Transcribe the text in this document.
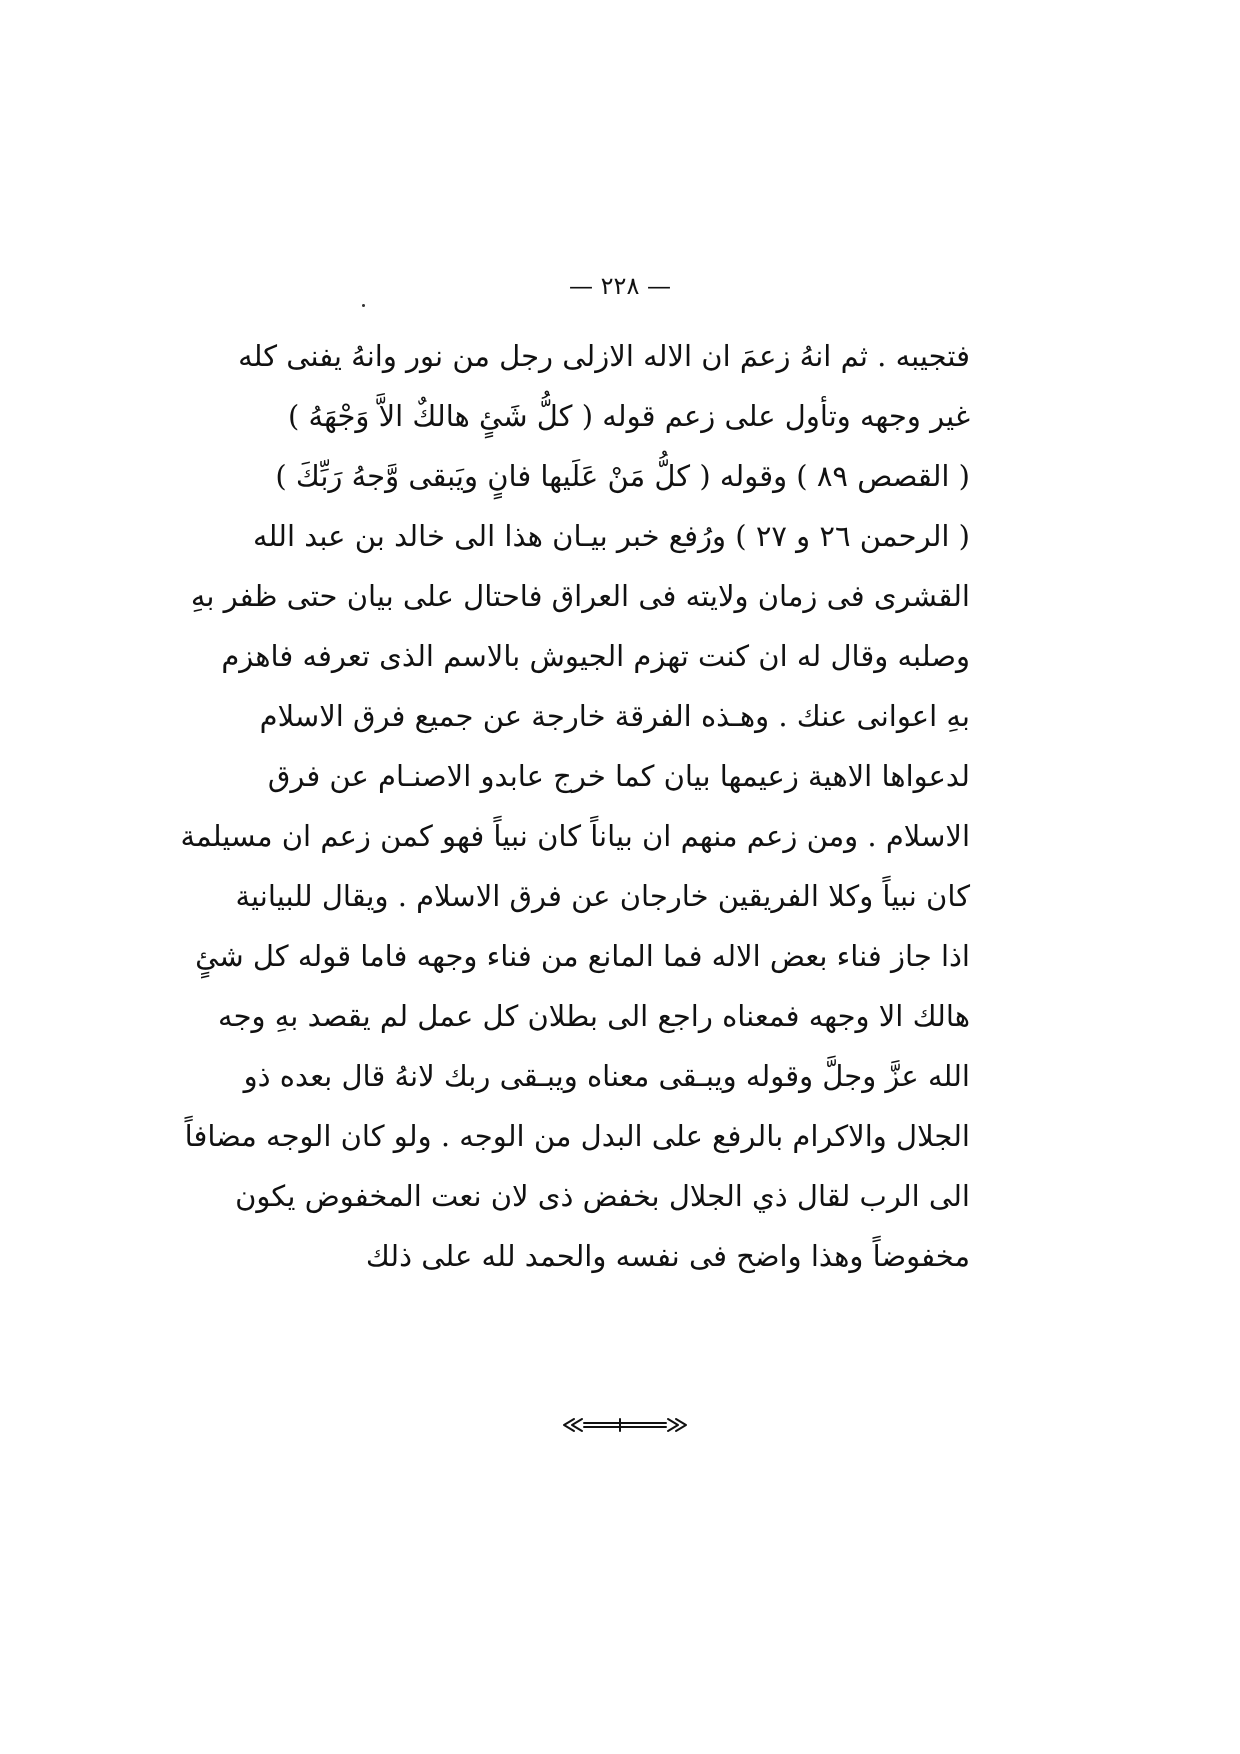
— ٢٢٨ —
فتجيبه . ثم انهُ زعمَ ان الاله الازلى رجل من نور وانهُ يفنى كله
غير وجهه وتأول على زعم قوله ( كلُّ شَئٍ هالكٌ الاَّ وَجْهَهُ )
( القصص ٨٩ ) وقوله ( كلُّ مَنْ عَلَيها فانٍ ويَبقى وَّجهُ رَبِّكَ )
( الرحمن ٢٦ و ٢٧ ) ورُفع خبر بيـان هذا الى خالد بن عبد الله
القشرى فى زمان ولايته فى العراق فاحتال على بيان حتى ظفر بهِ
وصلبه وقال له ان كنت تهزم الجيوش بالاسم الذى تعرفه فاهزم
بهِ اعوانى عنك . وهـذه الفرقة خارجة عن جميع فرق الاسلام
لدعواها الاهية زعيمها بيان كما خرج عابدو الاصنـام عن فرق
الاسلام . ومن زعم منهم ان بياناً كان نبياً فهو كمن زعم ان مسيلمة
كان نبياً وكلا الفريقين خارجان عن فرق الاسلام . ويقال للبيانية
اذا جاز فناء بعض الاله فما المانع من فناء وجهه فاما قوله كل شئٍ
هالك الا وجهه فمعناه راجع الى بطلان كل عمل لم يقصد بهِ وجه
الله عزَّ وجلَّ وقوله ويبـقى معناه ويبـقى ربك لانهُ قال بعده ذو
الجلال والاكرام بالرفع على البدل من الوجه . ولو كان الوجه مضافاً
الى الرب لقال ذي الجلال بخفض ذى لان نعت المخفوض يكون
مخفوضاً وهذا واضح فى نفسه والحمد لله على ذلك
